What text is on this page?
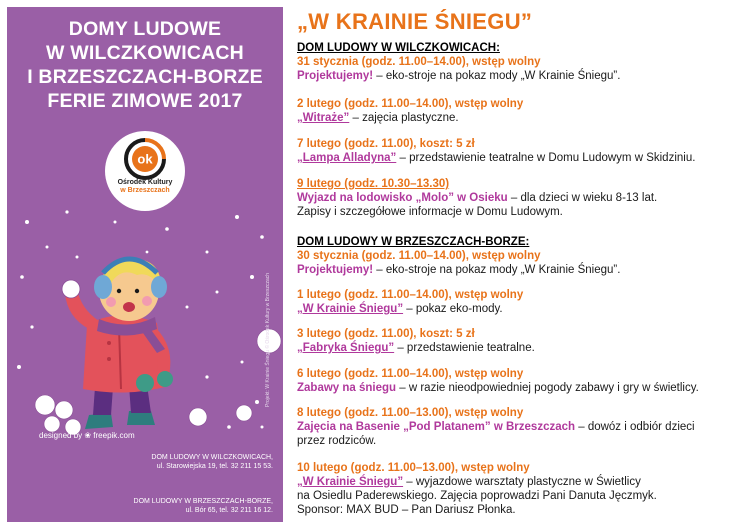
DOMY LUDOWE
W WILCZKOWICACH
I BRZESZCZACH-BORZE
FERIE ZIMOWE 2017
ok
Ośrodek Kultury
w Brzeszczach
designed by ❀ freepik.com
Projekt: W Krainie Śniegu © Ośrodek Kultury w Brzeszczach
DOM LUDOWY W WILCZKOWICACH,
ul. Starowiejska 19, tel. 32 211 15 53.
DOM LUDOWY W BRZESZCZACH-BORZE,
ul. Bór 65, tel. 32 211 16 12.
„W KRAINIE ŚNIEGU”
DOM LUDOWY W WILCZKOWICACH:
31 stycznia (godz. 11.00–14.00), wstęp wolny
Projektujemy! – eko-stroje na pokaz mody „W Krainie Śniegu”.
2 lutego (godz. 11.00–14.00), wstęp wolny
„Witraże” – zajęcia plastyczne.
7 lutego (godz. 11.00), koszt: 5 zł
„Lampa Alladyna” – przedstawienie teatralne w Domu Ludowym w Skidziniu.
9 lutego (godz. 10.30–13.30)
Wyjazd na lodowisko „Molo” w Osieku – dla dzieci w wieku 8-13 lat.
Zapisy i szczegółowe informacje w Domu Ludowym.
DOM LUDOWY W BRZESZCZACH-BORZE:
30 stycznia (godz. 11.00–14.00), wstęp wolny
Projektujemy! – eko-stroje na pokaz mody „W Krainie Śniegu”.
1 lutego (godz. 11.00–14.00), wstęp wolny
„W Krainie Śniegu” – pokaz eko-mody.
3 lutego (godz. 11.00), koszt: 5 zł
„Fabryka Śniegu” – przedstawienie teatralne.
6 lutego (godz. 11.00–14.00), wstęp wolny
Zabawy na śniegu – w razie nieodpowiedniej pogody zabawy i gry w świetlicy.
8 lutego (godz. 11.00–13.00), wstęp wolny
Zajęcia na Basenie „Pod Platanem” w Brzeszczach – dowóz i odbiór dzieci
przez rodziców.
10 lutego (godz. 11.00–13.00), wstęp wolny
„W Krainie Śniegu” – wyjazdowe warsztaty plastyczne w Świetlicy
na Osiedlu Paderewskiego. Zajęcia poprowadzi Pani Danuta Jęczmyk.
Sponsor: MAX BUD – Pan Dariusz Płonka.
